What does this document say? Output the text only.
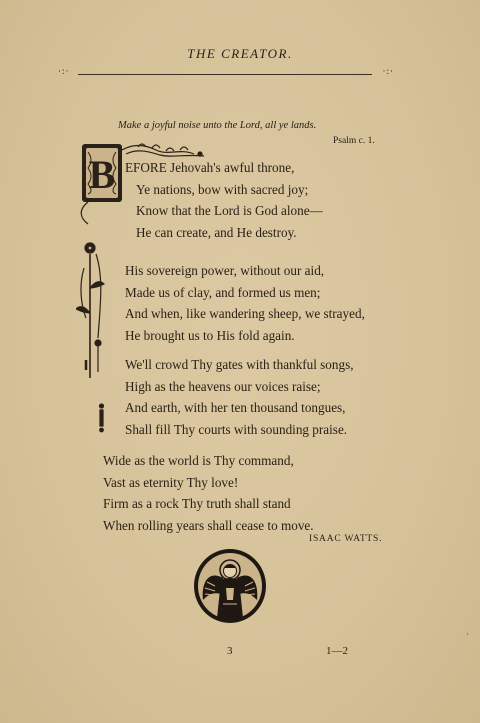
THE CREATOR.
·:·	·:·
Make a joyful noise unto the Lord, all ye lands.
Psalm c. 1.
B EFORE Jehovah's awful throne,
Ye nations, bow with sacred joy;
Know that the Lord is God alone—
He can create, and He destroy.
His sovereign power, without our aid,
Made us of clay, and formed us men;
And when, like wandering sheep, we strayed,
He brought us to His fold again.
We'll crowd Thy gates with thankful songs,
High as the heavens our voices raise;
And earth, with her ten thousand tongues,
Shall fill Thy courts with sounding praise.
Wide as the world is Thy command,
Vast as eternity Thy love!
Firm as a rock Thy truth shall stand
When rolling years shall cease to move.
ISAAC WATTS.
3	1—2
·
